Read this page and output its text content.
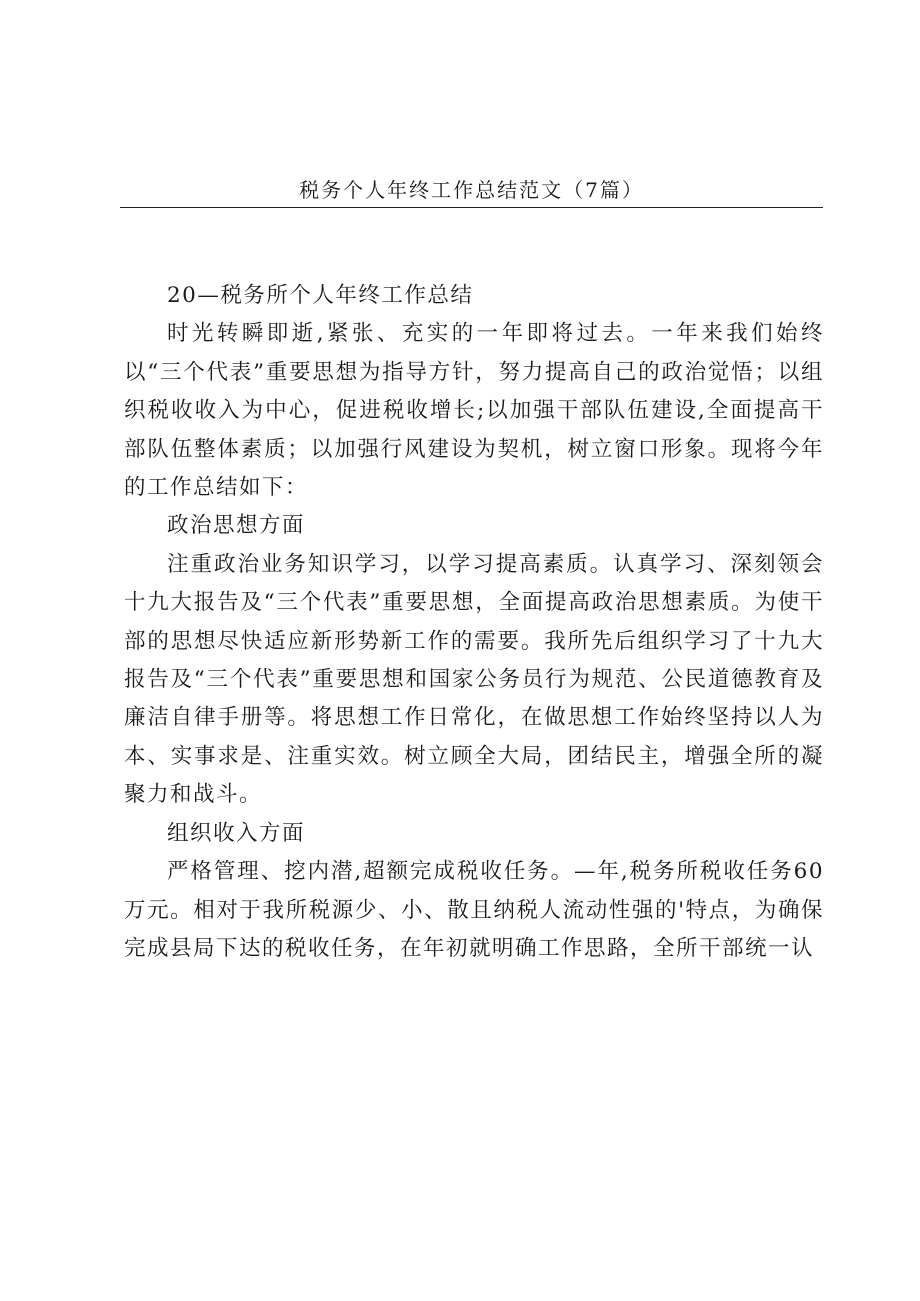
税务个人年终工作总结范文（7篇）

20—税务所个人年终工作总结

时光转瞬即逝,紧张、充实的一年即将过去。一年来我们始终以“三个代表”重要思想为指导方针，努力提高自己的政治觉悟；以组织税收收入为中心，促进税收增长;以加强干部队伍建设,全面提高干部队伍整体素质；以加强行风建设为契机，树立窗口形象。现将今年的工作总结如下：

政治思想方面

注重政治业务知识学习，以学习提高素质。认真学习、深刻领会十九大报告及“三个代表”重要思想，全面提高政治思想素质。为使干部的思想尽快适应新形势新工作的需要。我所先后组织学习了十九大报告及“三个代表”重要思想和国家公务员行为规范、公民道德教育及廉洁自律手册等。将思想工作日常化，在做思想工作始终坚持以人为本、实事求是、注重实效。树立顾全大局，团结民主，增强全所的凝聚力和战斗。

组织收入方面

严格管理、挖内潜,超额完成税收任务。—年,税务所税收任务60万元。相对于我所税源少、小、散且纳税人流动性强的'特点，为确保完成县局下达的税收任务，在年初就明确工作思路，全所干部统一认
